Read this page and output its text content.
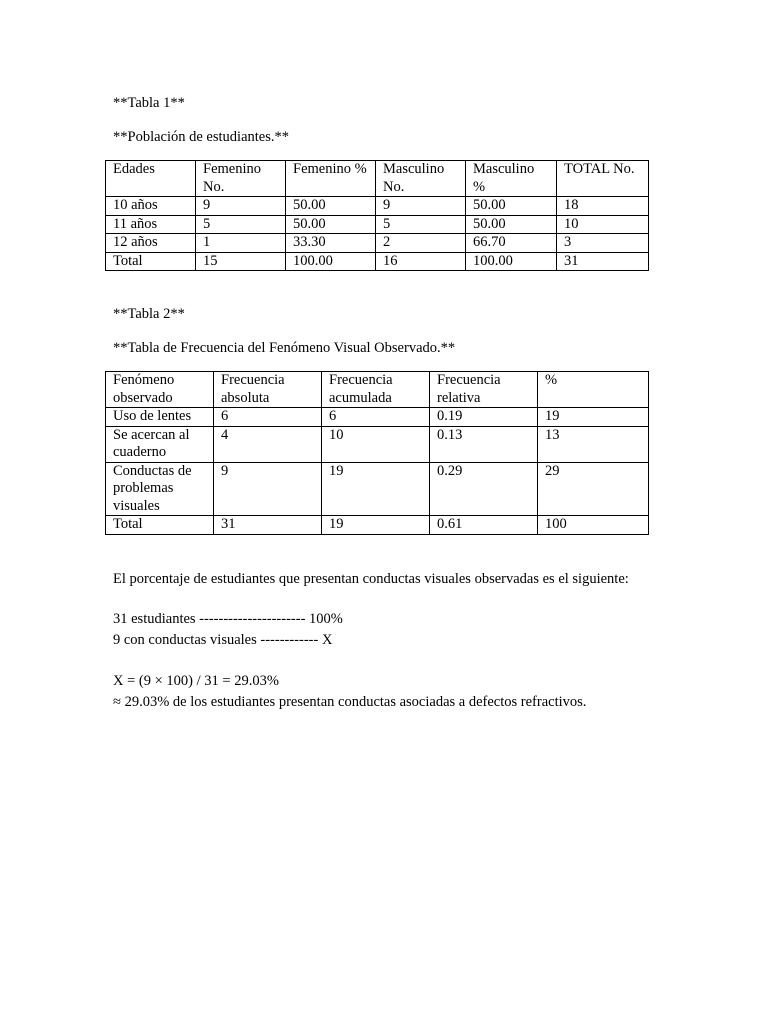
**Tabla 1**

**Población de estudiantes.**

Edades	Femenino No.	Femenino %	Masculino No.	Masculino %	TOTAL No.
10 años	9	50.00	9	50.00	18
11 años	5	50.00	5	50.00	10
12 años	1	33.30	2	66.70	3
Total	15	100.00	16	100.00	31

**Tabla 2**

**Tabla de Frecuencia del Fenómeno Visual Observado.**

Fenómeno observado	Frecuencia absoluta	Frecuencia acumulada	Frecuencia relativa	%
Uso de lentes	6	6	0.19	19
Se acercan al cuaderno	4	10	0.13	13
Conductas de problemas visuales	9	19	0.29	29
Total	31	19	0.61	100

El porcentaje de estudiantes que presentan conductas visuales observadas es el siguiente:

31 estudiantes ---------------------- 100%

9 con conductas visuales ------------ X

X = (9 × 100) / 31 = 29.03%

≈ 29.03% de los estudiantes presentan conductas asociadas a defectos refractivos.
